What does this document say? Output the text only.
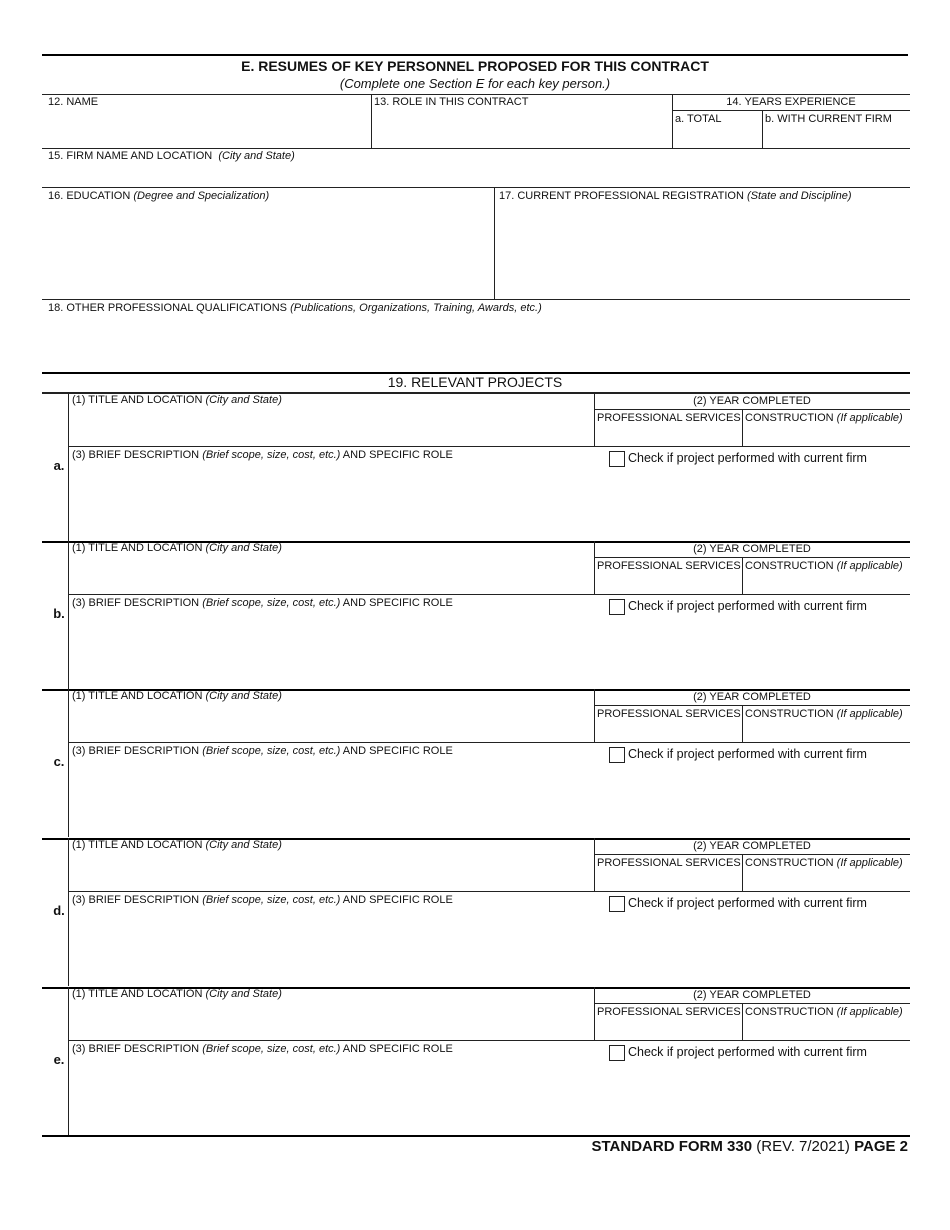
E. RESUMES OF KEY PERSONNEL PROPOSED FOR THIS CONTRACT
(Complete one Section E for each key person.)
12. NAME	13. ROLE IN THIS CONTRACT	14. YEARS EXPERIENCE
a. TOTAL	b. WITH CURRENT FIRM
15. FIRM NAME AND LOCATION (City and State)
16. EDUCATION (Degree and Specialization)	17. CURRENT PROFESSIONAL REGISTRATION (State and Discipline)
18. OTHER PROFESSIONAL QUALIFICATIONS (Publications, Organizations, Training, Awards, etc.)
19. RELEVANT PROJECTS
a.
(1) TITLE AND LOCATION (City and State)	(2) YEAR COMPLETED
PROFESSIONAL SERVICES CONSTRUCTION (If applicable)
(3) BRIEF DESCRIPTION (Brief scope, size, cost, etc.) AND SPECIFIC ROLE	Check if project performed with current firm
b.
(1) TITLE AND LOCATION (City and State)	(2) YEAR COMPLETED
PROFESSIONAL SERVICES CONSTRUCTION (If applicable)
(3) BRIEF DESCRIPTION (Brief scope, size, cost, etc.) AND SPECIFIC ROLE	Check if project performed with current firm
c.
(1) TITLE AND LOCATION (City and State)	(2) YEAR COMPLETED
PROFESSIONAL SERVICES CONSTRUCTION (If applicable)
(3) BRIEF DESCRIPTION (Brief scope, size, cost, etc.) AND SPECIFIC ROLE	Check if project performed with current firm
d.
(1) TITLE AND LOCATION (City and State)	(2) YEAR COMPLETED
PROFESSIONAL SERVICES CONSTRUCTION (If applicable)
(3) BRIEF DESCRIPTION (Brief scope, size, cost, etc.) AND SPECIFIC ROLE	Check if project performed with current firm
e.
(1) TITLE AND LOCATION (City and State)	(2) YEAR COMPLETED
PROFESSIONAL SERVICES CONSTRUCTION (If applicable)
(3) BRIEF DESCRIPTION (Brief scope, size, cost, etc.) AND SPECIFIC ROLE	Check if project performed with current firm
STANDARD FORM 330 (REV. 7/2021) PAGE 2
